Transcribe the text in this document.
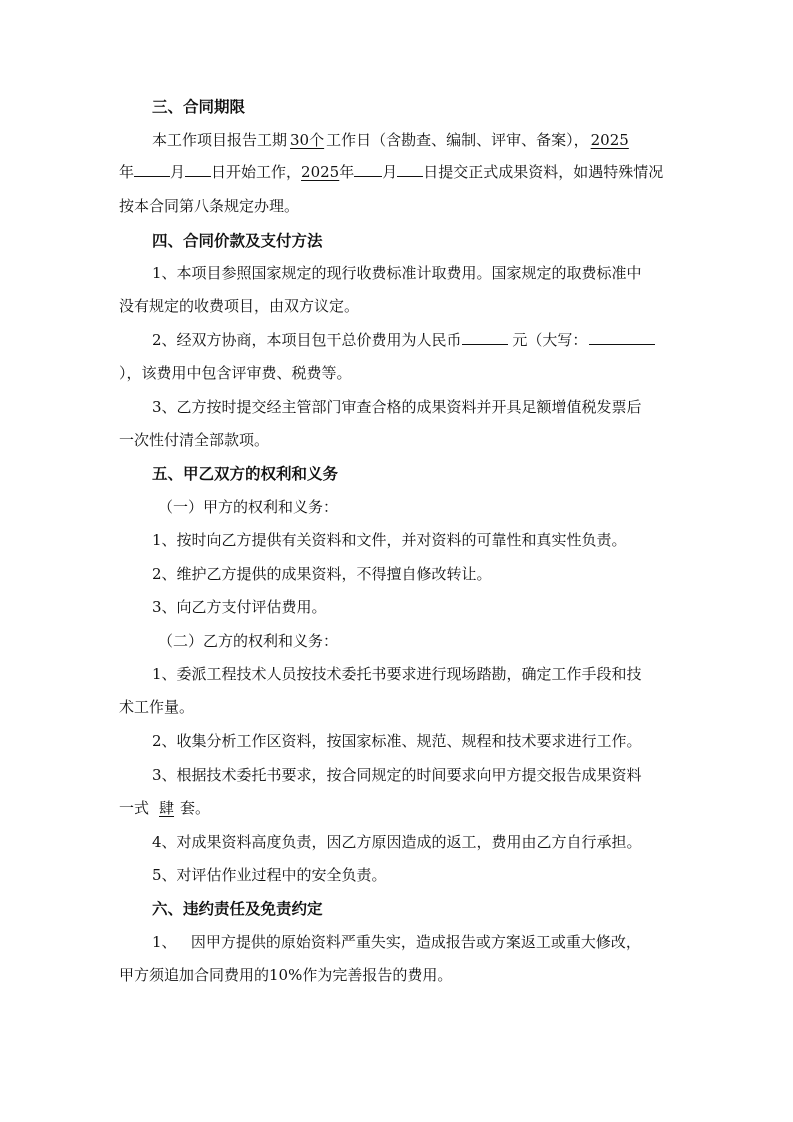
三、合同期限
本工作项目报告工期 30个 工作日（含勘查、编制、评审、备案）， 2025
年 月 日开始工作，2025年 月 日提交正式成果资料，如遇特殊情况
按本合同第八条规定办理。
四、合同价款及支付方法
1、本项目参照国家规定的现行收费标准计取费用。国家规定的取费标准中
没有规定的收费项目，由双方议定。
2、经双方协商，本项目包干总价费用为人民币	元（大写：
），该费用中包含评审费、税费等。
3、乙方按时提交经主管部门审查合格的成果资料并开具足额增值税发票后
一次性付清全部款项。
五、甲乙双方的权利和义务
（一）甲方的权利和义务：
1、按时向乙方提供有关资料和文件，并对资料的可靠性和真实性负责。
2、维护乙方提供的成果资料，不得擅自修改转让。
3、向乙方支付评估费用。
（二）乙方的权利和义务：
1、委派工程技术人员按技术委托书要求进行现场踏勘，确定工作手段和技
术工作量。
2、收集分析工作区资料，按国家标准、规范、规程和技术要求进行工作。
3、根据技术委托书要求，按合同规定的时间要求向甲方提交报告成果资料
一式 肆 套。
4、对成果资料高度负责，因乙方原因造成的返工，费用由乙方自行承担。
5、对评估作业过程中的安全负责。
六、违约责任及免责约定
1、   因甲方提供的原始资料严重失实，造成报告或方案返工或重大修改，
甲方须追加合同费用的10%作为完善报告的费用。
